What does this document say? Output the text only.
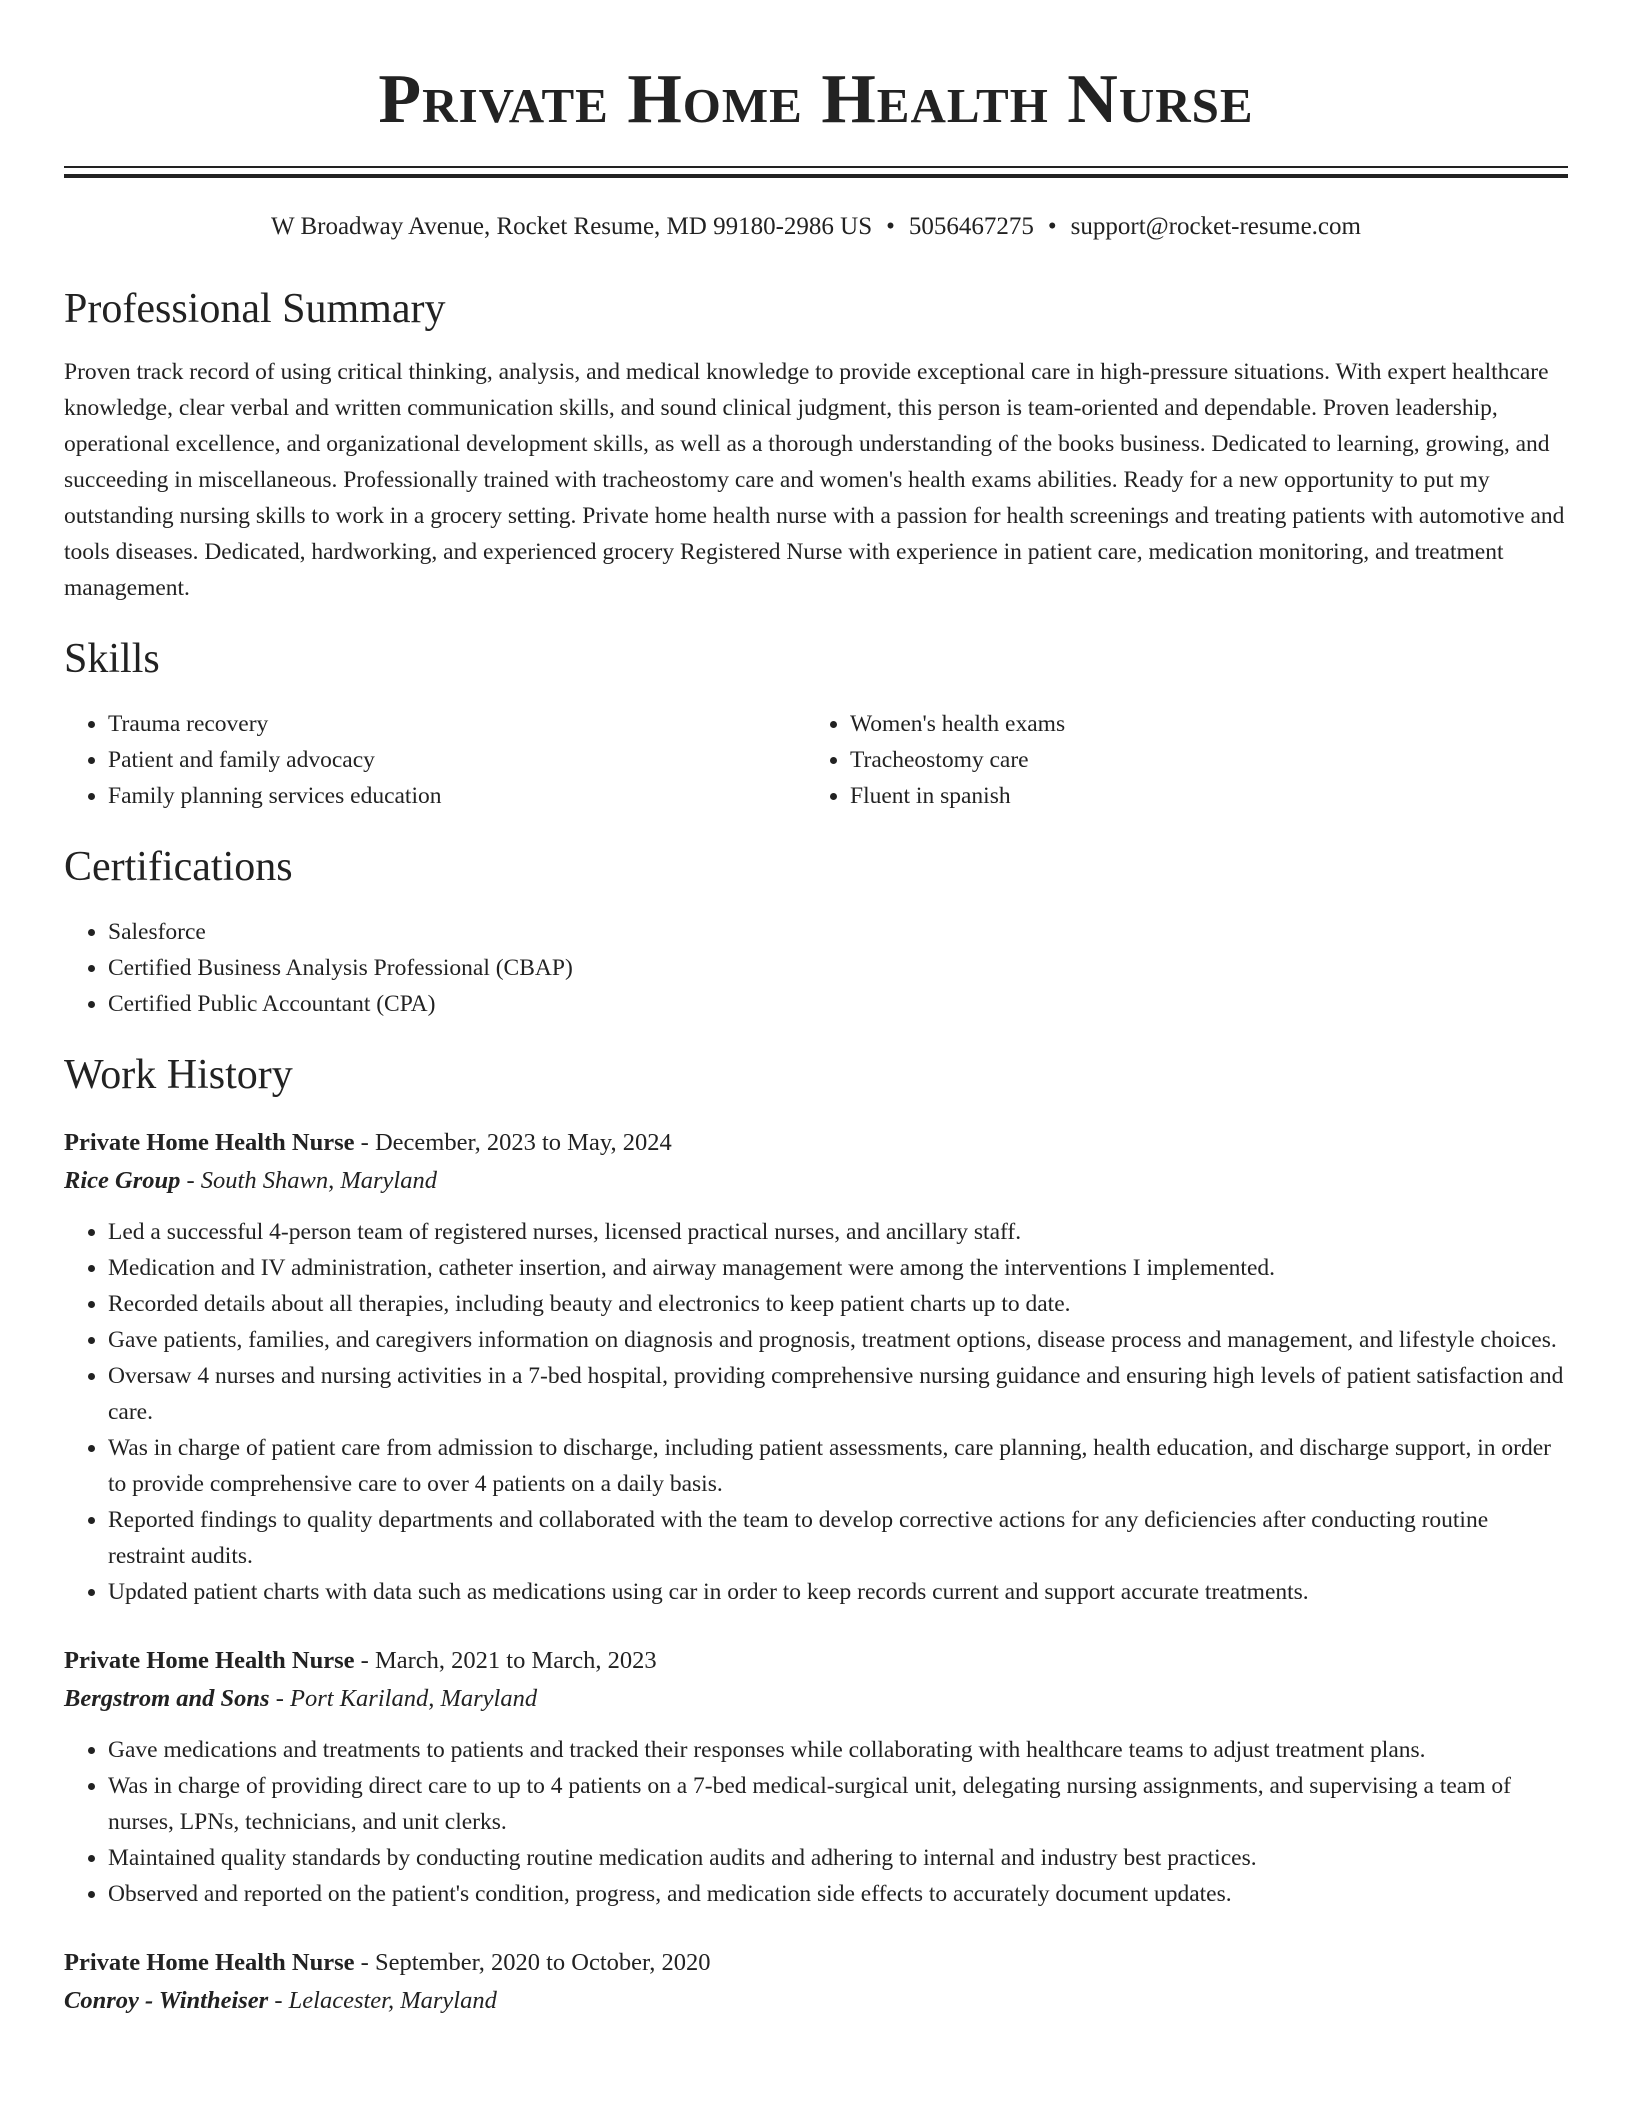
Private Home Health Nurse
W Broadway Avenue, Rocket Resume, MD 99180-2986 US • 5056467275 • support@rocket-resume.com
Professional Summary

Proven track record of using critical thinking, analysis, and medical knowledge to provide exceptional care in high-pressure situations. With expert healthcare knowledge, clear verbal and written communication skills, and sound clinical judgment, this person is team-oriented and dependable. Proven leadership, operational excellence, and organizational development skills, as well as a thorough understanding of the books business. Dedicated to learning, growing, and succeeding in miscellaneous. Professionally trained with tracheostomy care and women's health exams abilities. Ready for a new opportunity to put my outstanding nursing skills to work in a grocery setting. Private home health nurse with a passion for health screenings and treating patients with automotive and tools diseases. Dedicated, hardworking, and experienced grocery Registered Nurse with experience in patient care, medication monitoring, and treatment management.

Skills
• Trauma recovery
• Patient and family advocacy
• Family planning services education
• Women's health exams
• Tracheostomy care
• Fluent in spanish
Certifications
• Salesforce
• Certified Business Analysis Professional (CBAP)
• Certified Public Accountant (CPA)
Work History
Private Home Health Nurse - December, 2023 to May, 2024
Rice Group - South Shawn, Maryland
• Led a successful 4-person team of registered nurses, licensed practical nurses, and ancillary staff.
• Medication and IV administration, catheter insertion, and airway management were among the interventions I implemented.
• Recorded details about all therapies, including beauty and electronics to keep patient charts up to date.
• Gave patients, families, and caregivers information on diagnosis and prognosis, treatment options, disease process and management, and lifestyle choices.
• Oversaw 4 nurses and nursing activities in a 7-bed hospital, providing comprehensive nursing guidance and ensuring high levels of patient satisfaction and care.
• Was in charge of patient care from admission to discharge, including patient assessments, care planning, health education, and discharge support, in order to provide comprehensive care to over 4 patients on a daily basis.
• Reported findings to quality departments and collaborated with the team to develop corrective actions for any deficiencies after conducting routine restraint audits.
• Updated patient charts with data such as medications using car in order to keep records current and support accurate treatments.
Private Home Health Nurse - March, 2021 to March, 2023
Bergstrom and Sons - Port Kariland, Maryland
• Gave medications and treatments to patients and tracked their responses while collaborating with healthcare teams to adjust treatment plans.
• Was in charge of providing direct care to up to 4 patients on a 7-bed medical-surgical unit, delegating nursing assignments, and supervising a team of nurses, LPNs, technicians, and unit clerks.
• Maintained quality standards by conducting routine medication audits and adhering to internal and industry best practices.
• Observed and reported on the patient's condition, progress, and medication side effects to accurately document updates.
Private Home Health Nurse - September, 2020 to October, 2020
Conroy - Wintheiser - Lelacester, Maryland
